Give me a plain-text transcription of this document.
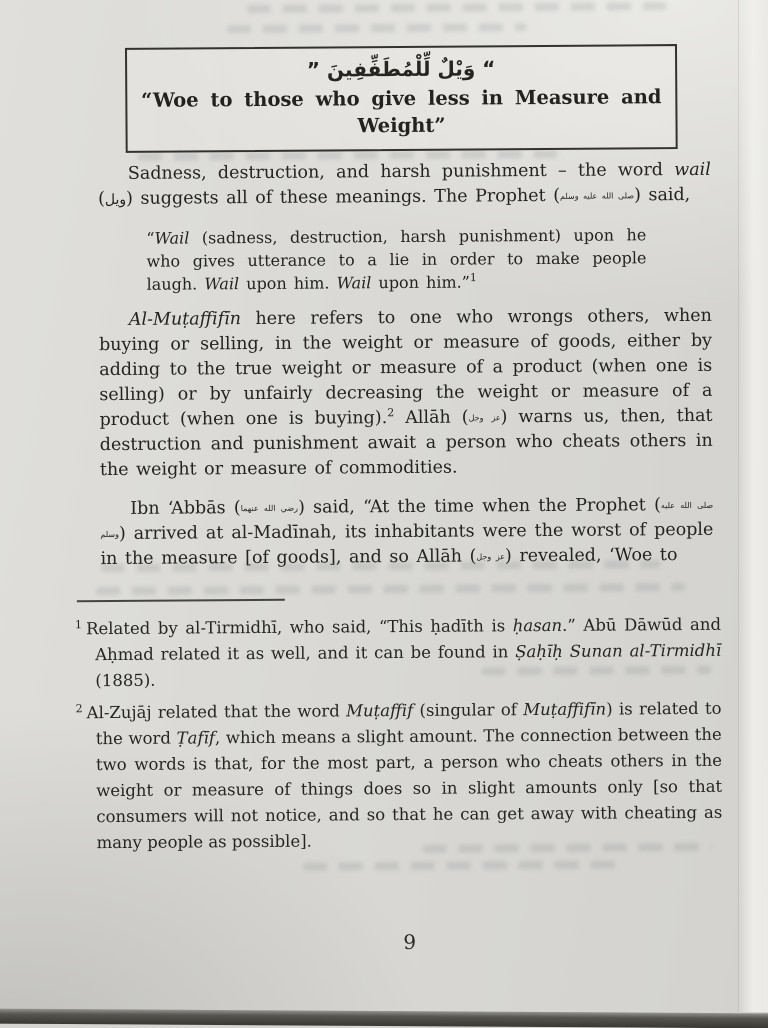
“ وَيْلٌ لِّلْمُطَفِّفِينَ ”
“Woe to those who give less in Measure and Weight”

Sadness, destruction, and harsh punishment – the word wail (ويل) suggests all of these meanings. The Prophet (صلى الله عليه وسلم) said,

“Wail (sadness, destruction, harsh punishment) upon he who gives utterance to a lie in order to make people laugh. Wail upon him. Wail upon him.”$^1$

Al-Muṭaffifīn here refers to one who wrongs others, when buying or selling, in the weight or measure of goods, either by adding to the true weight or measure of a product (when one is selling) or by unfairly decreasing the weight or measure of a product (when one is buying).$^2$ Allāh (عز وجل) warns us, then, that destruction and punishment await a person who cheats others in the weight or measure of commodities.

Ibn ʻAbbās (رضي الله عنهما) said, “At the time when the Prophet (صلى الله عليه وسلم) arrived at al-Madīnah, its inhabitants were the worst of people in the measure [of goods], and so Allāh (عز وجل) revealed, ‘Woe to

$^1$ Related by al-Tirmidhī, who said, “This ḥadīth is ḥasan.” Abū Dāwūd and Aḥmad related it as well, and it can be found in Ṣaḥīḥ Sunan al-Tirmidhī (1885).
$^2$ Al-Zujāj related that the word Muṭaffif (singular of Muṭaffifīn) is related to the word Ṭafīf, which means a slight amount. The connection between the two words is that, for the most part, a person who cheats others in the weight or measure of things does so in slight amounts only [so that consumers will not notice, and so that he can get away with cheating as many people as possible].
9
